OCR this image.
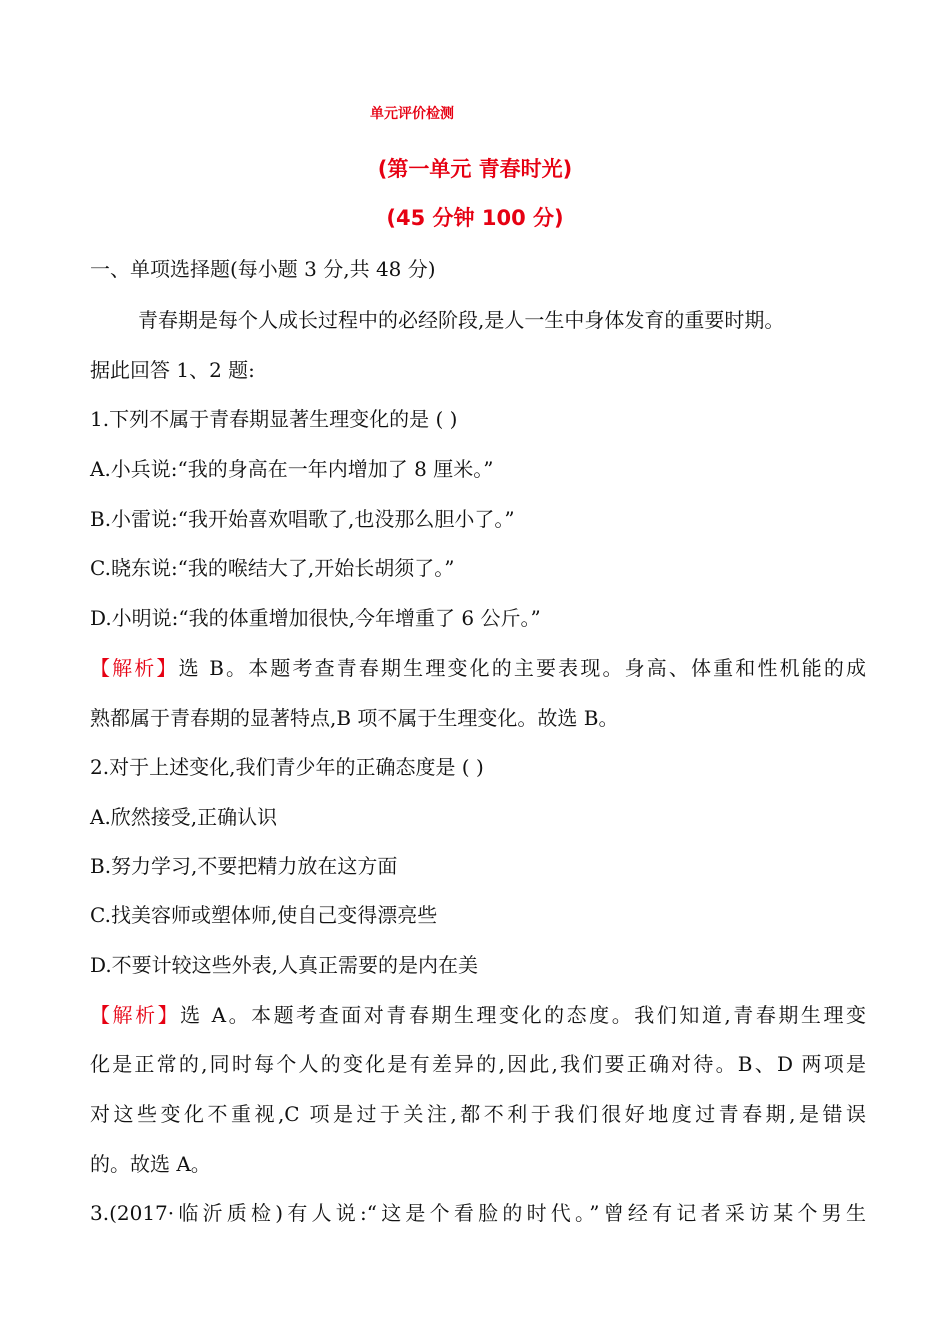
单元评价检测
(第一单元 青春时光)
(45 分钟 100 分)
一、单项选择题(每小题 3 分,共 48 分)
青春期是每个人成长过程中的必经阶段,是人一生中身体发育的重要时期。
据此回答 1、2 题:
1.下列不属于青春期显著生理变化的是 ( )
A.小兵说:“我的身高在一年内增加了 8 厘米。”
B.小雷说:“我开始喜欢唱歌了,也没那么胆小了。”
C.晓东说:“我的喉结大了,开始长胡须了。”
D.小明说:“我的体重增加很快,今年增重了 6 公斤。”
【解析】选 B。本题考查青春期生理变化的主要表现。身高、体重和性机能的成
熟都属于青春期的显著特点,B 项不属于生理变化。故选 B。
2.对于上述变化,我们青少年的正确态度是 ( )
A.欣然接受,正确认识
B.努力学习,不要把精力放在这方面
C.找美容师或塑体师,使自己变得漂亮些
D.不要计较这些外表,人真正需要的是内在美
【解析】选 A。本题考查面对青春期生理变化的态度。我们知道,青春期生理变
化是正常的,同时每个人的变化是有差异的,因此,我们要正确对待。B、D 两项是
对这些变化不重视,C 项是过于关注,都不利于我们很好地度过青春期,是错误
的。故选 A。
3.(2017·临沂质检)有人说:“这是个看脸的时代。”曾经有记者采访某个男生
